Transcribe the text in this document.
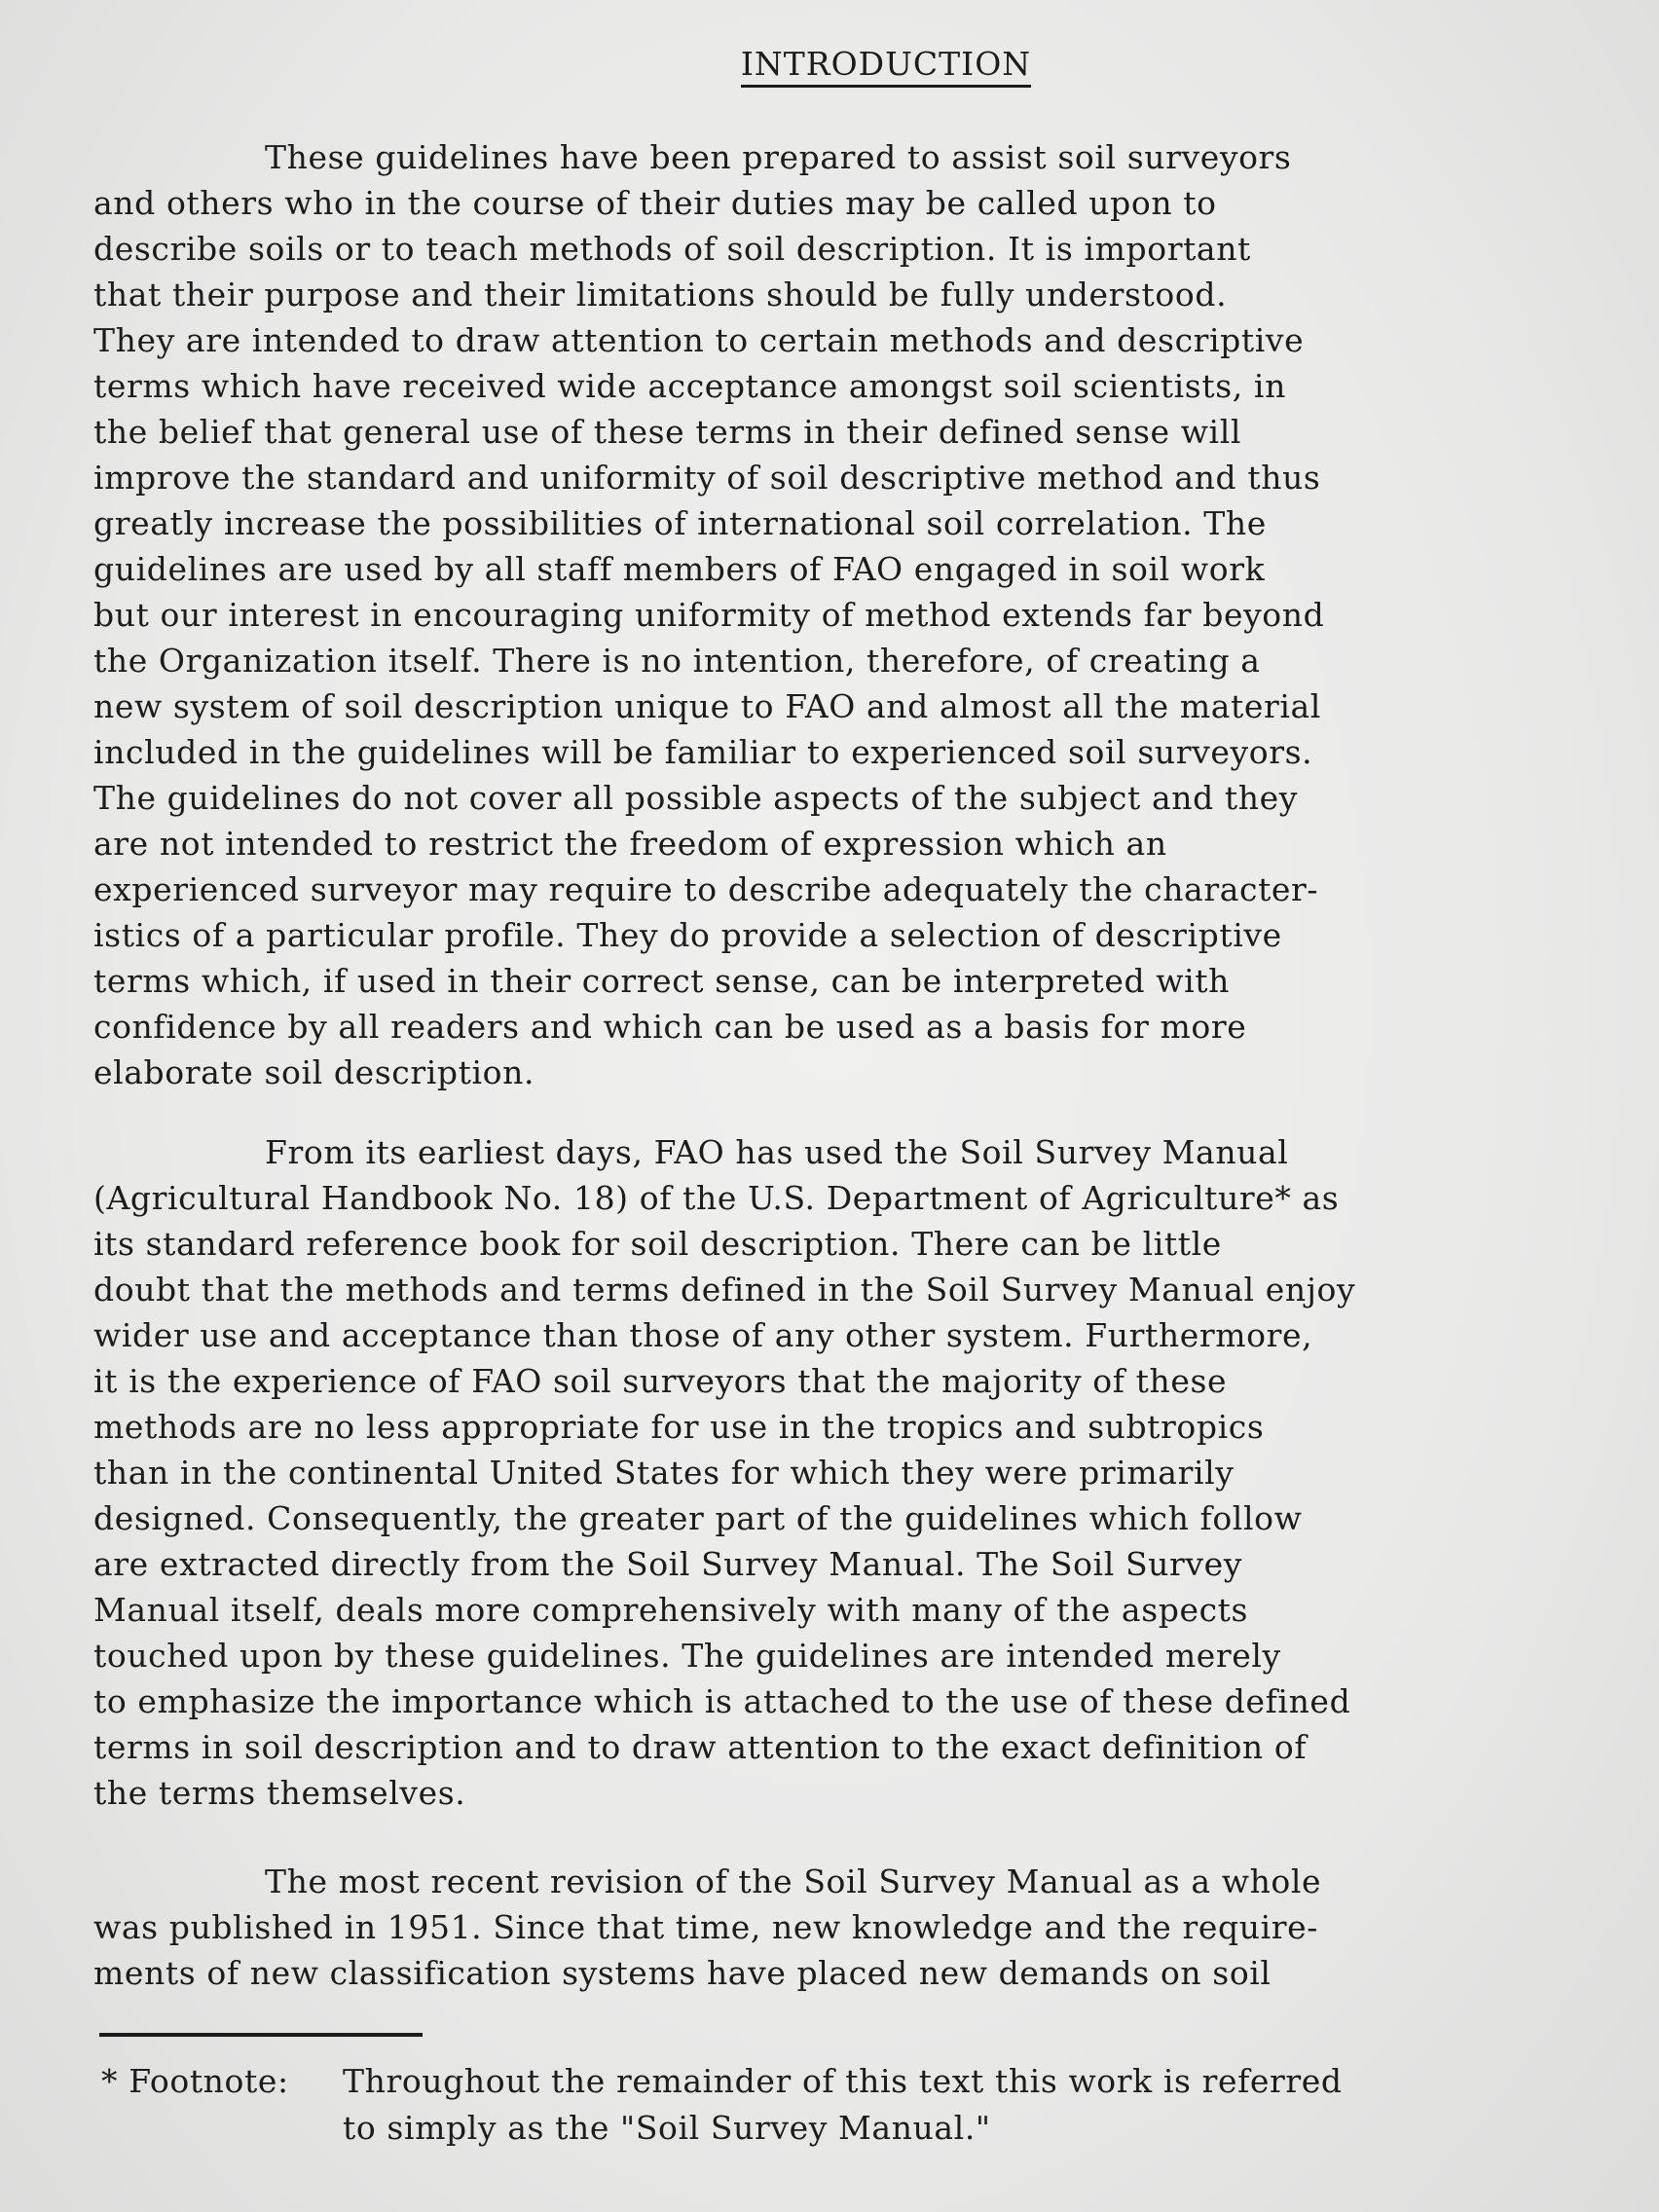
INTRODUCTION
These guidelines have been prepared to assist soil surveyors
and others who in the course of their duties may be called upon to
describe soils or to teach methods of soil description. It is important
that their purpose and their limitations should be fully understood.
They are intended to draw attention to certain methods and descriptive
terms which have received wide acceptance amongst soil scientists, in
the belief that general use of these terms in their defined sense will
improve the standard and uniformity of soil descriptive method and thus
greatly increase the possibilities of international soil correlation. The
guidelines are used by all staff members of FAO engaged in soil work
but our interest in encouraging uniformity of method extends far beyond
the Organization itself. There is no intention, therefore, of creating a
new system of soil description unique to FAO and almost all the material
included in the guidelines will be familiar to experienced soil surveyors.
The guidelines do not cover all possible aspects of the subject and they
are not intended to restrict the freedom of expression which an
experienced surveyor may require to describe adequately the character-
istics of a particular profile. They do provide a selection of descriptive
terms which, if used in their correct sense, can be interpreted with
confidence by all readers and which can be used as a basis for more
elaborate soil description.
From its earliest days, FAO has used the Soil Survey Manual
(Agricultural Handbook No. 18) of the U.S. Department of Agriculture* as
its standard reference book for soil description. There can be little
doubt that the methods and terms defined in the Soil Survey Manual enjoy
wider use and acceptance than those of any other system. Furthermore,
it is the experience of FAO soil surveyors that the majority of these
methods are no less appropriate for use in the tropics and subtropics
than in the continental United States for which they were primarily
designed. Consequently, the greater part of the guidelines which follow
are extracted directly from the Soil Survey Manual. The Soil Survey
Manual itself, deals more comprehensively with many of the aspects
touched upon by these guidelines. The guidelines are intended merely
to emphasize the importance which is attached to the use of these defined
terms in soil description and to draw attention to the exact definition of
the terms themselves.
The most recent revision of the Soil Survey Manual as a whole
was published in 1951. Since that time, new knowledge and the require-
ments of new classification systems have placed new demands on soil
* Footnote: Throughout the remainder of this text this work is referred
to simply as the "Soil Survey Manual."
